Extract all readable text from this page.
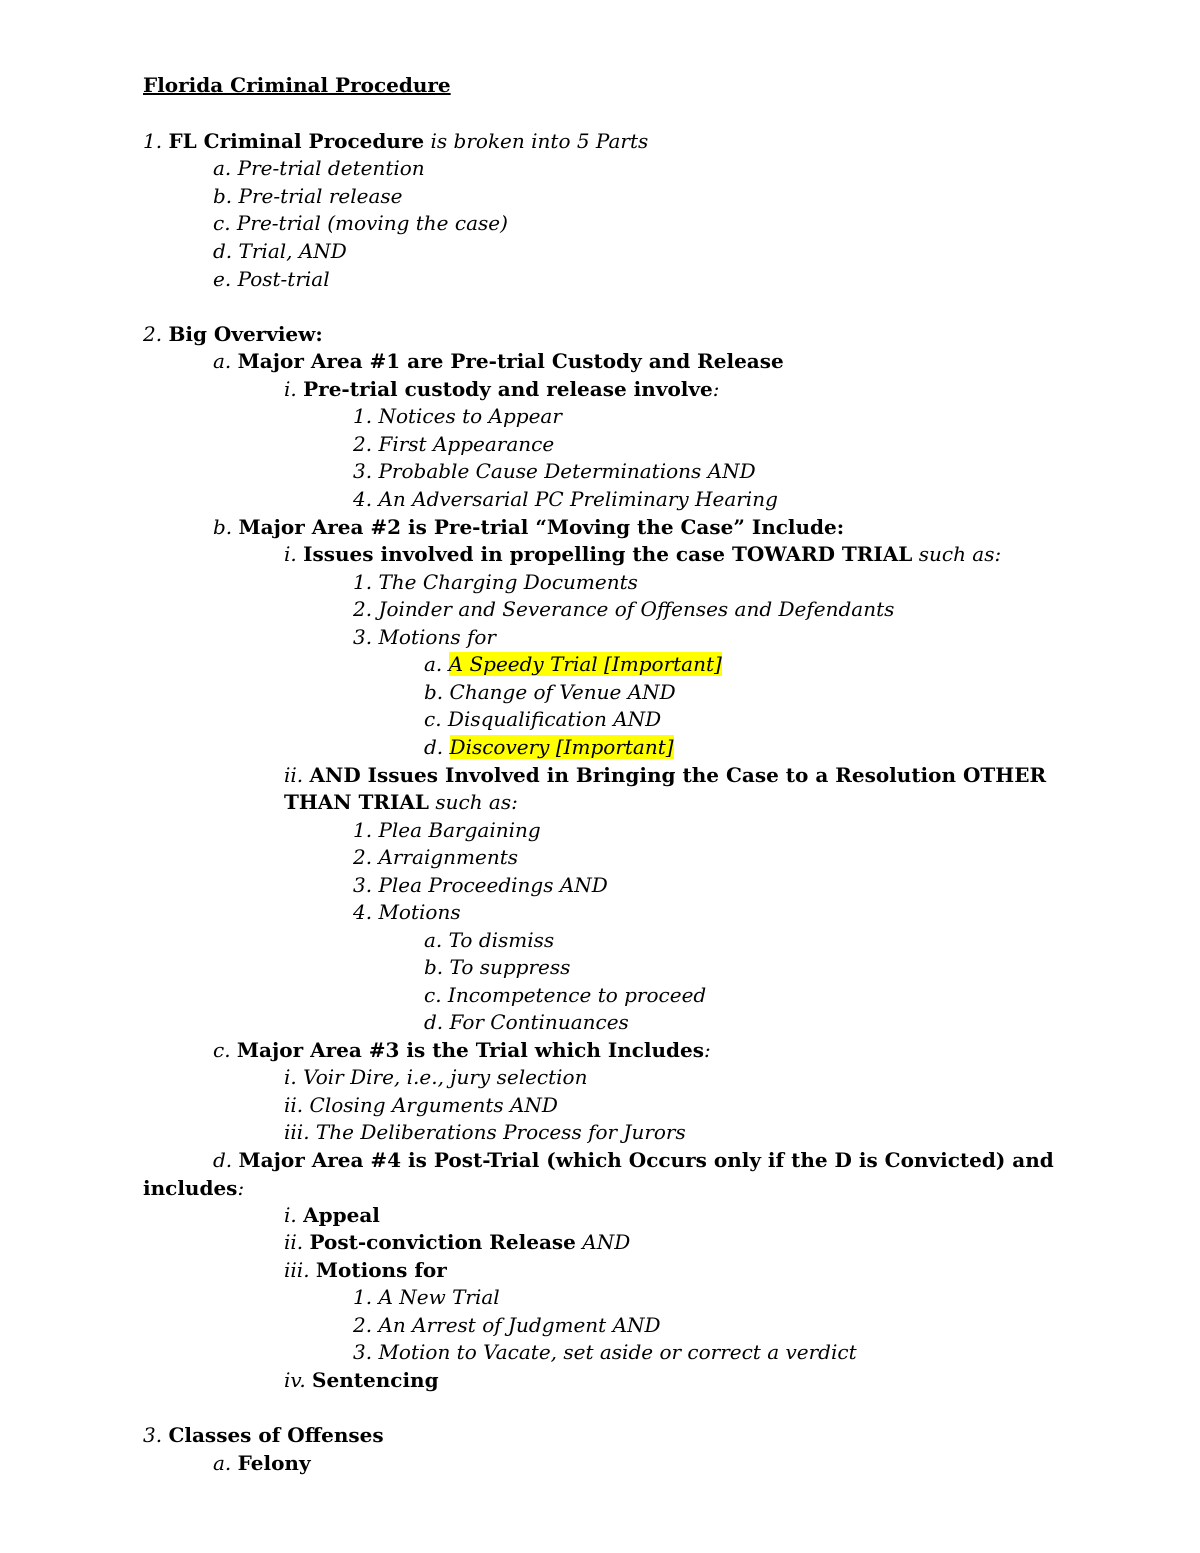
Florida Criminal Procedure
1. FL Criminal Procedure is broken into 5 Parts
a. Pre-trial detention
b. Pre-trial release
c. Pre-trial (moving the case)
d. Trial, AND
e. Post-trial
2. Big Overview:
a. Major Area #1 are Pre-trial Custody and Release
i. Pre-trial custody and release involve:
1. Notices to Appear
2. First Appearance
3. Probable Cause Determinations AND
4. An Adversarial PC Preliminary Hearing
b. Major Area #2 is Pre-trial “Moving the Case” Include:
i. Issues involved in propelling the case TOWARD TRIAL such as:
1. The Charging Documents
2. Joinder and Severance of Offenses and Defendants
3. Motions for
a. A Speedy Trial [Important]
b. Change of Venue AND
c. Disqualification AND
d. Discovery [Important]
ii. AND Issues Involved in Bringing the Case to a Resolution OTHER
THAN TRIAL such as:
1. Plea Bargaining
2. Arraignments
3. Plea Proceedings AND
4. Motions
a. To dismiss
b. To suppress
c. Incompetence to proceed
d. For Continuances
c. Major Area #3 is the Trial which Includes:
i. Voir Dire, i.e., jury selection
ii. Closing Arguments AND
iii. The Deliberations Process for Jurors
d. Major Area #4 is Post-Trial (which Occurs only if the D is Convicted) and
includes:
i. Appeal
ii. Post-conviction Release AND
iii. Motions for
1. A New Trial
2. An Arrest of Judgment AND
3. Motion to Vacate, set aside or correct a verdict
iv. Sentencing
3. Classes of Offenses
a. Felony
